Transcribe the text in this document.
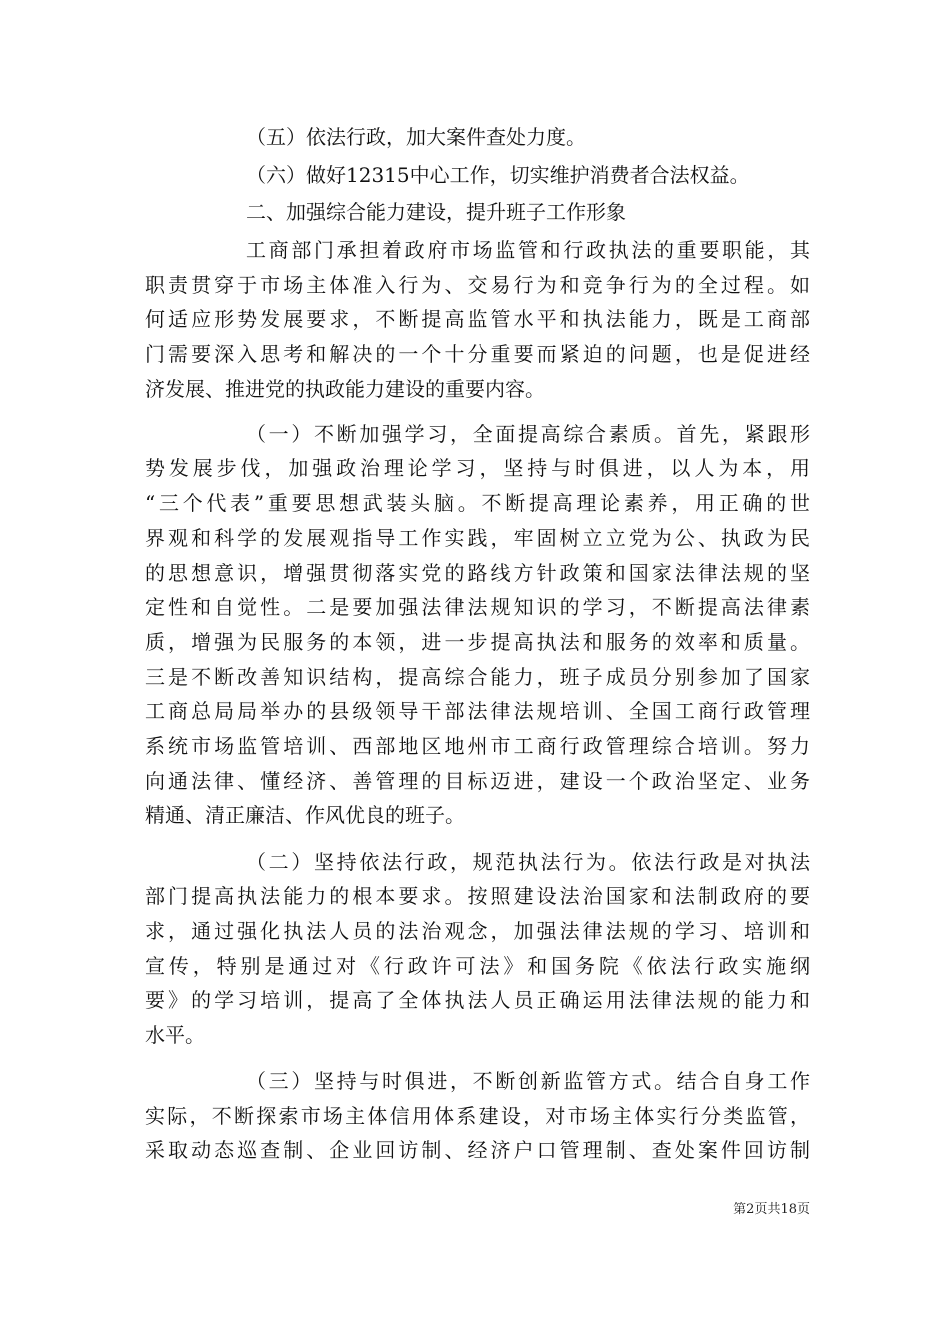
（五）依法行政，加大案件查处力度。
（六）做好12315中心工作，切实维护消费者合法权益。
二、加强综合能力建设，提升班子工作形象
工商部门承担着政府市场监管和行政执法的重要职能，其
职责贯穿于市场主体准入行为、交易行为和竞争行为的全过程。如
何适应形势发展要求，不断提高监管水平和执法能力，既是工商部
门需要深入思考和解决的一个十分重要而紧迫的问题，也是促进经
济发展、推进党的执政能力建设的重要内容。
（一）不断加强学习，全面提高综合素质。首先，紧跟形
势发展步伐，加强政治理论学习，坚持与时俱进，以人为本，用
“三个代表”重要思想武装头脑。不断提高理论素养，用正确的世
界观和科学的发展观指导工作实践，牢固树立立党为公、执政为民
的思想意识，增强贯彻落实党的路线方针政策和国家法律法规的坚
定性和自觉性。二是要加强法律法规知识的学习，不断提高法律素
质，增强为民服务的本领，进一步提高执法和服务的效率和质量。
三是不断改善知识结构，提高综合能力，班子成员分别参加了国家
工商总局局举办的县级领导干部法律法规培训、全国工商行政管理
系统市场监管培训、西部地区地州市工商行政管理综合培训。努力
向通法律、懂经济、善管理的目标迈进，建设一个政治坚定、业务
精通、清正廉洁、作风优良的班子。
（二）坚持依法行政，规范执法行为。依法行政是对执法
部门提高执法能力的根本要求。按照建设法治国家和法制政府的要
求，通过强化执法人员的法治观念，加强法律法规的学习、培训和
宣传，特别是通过对《行政许可法》和国务院《依法行政实施纲
要》的学习培训，提高了全体执法人员正确运用法律法规的能力和
水平。
（三）坚持与时俱进，不断创新监管方式。结合自身工作
实际，不断探索市场主体信用体系建设，对市场主体实行分类监管，
采取动态巡查制、企业回访制、经济户口管理制、查处案件回访制
第2页共18页
